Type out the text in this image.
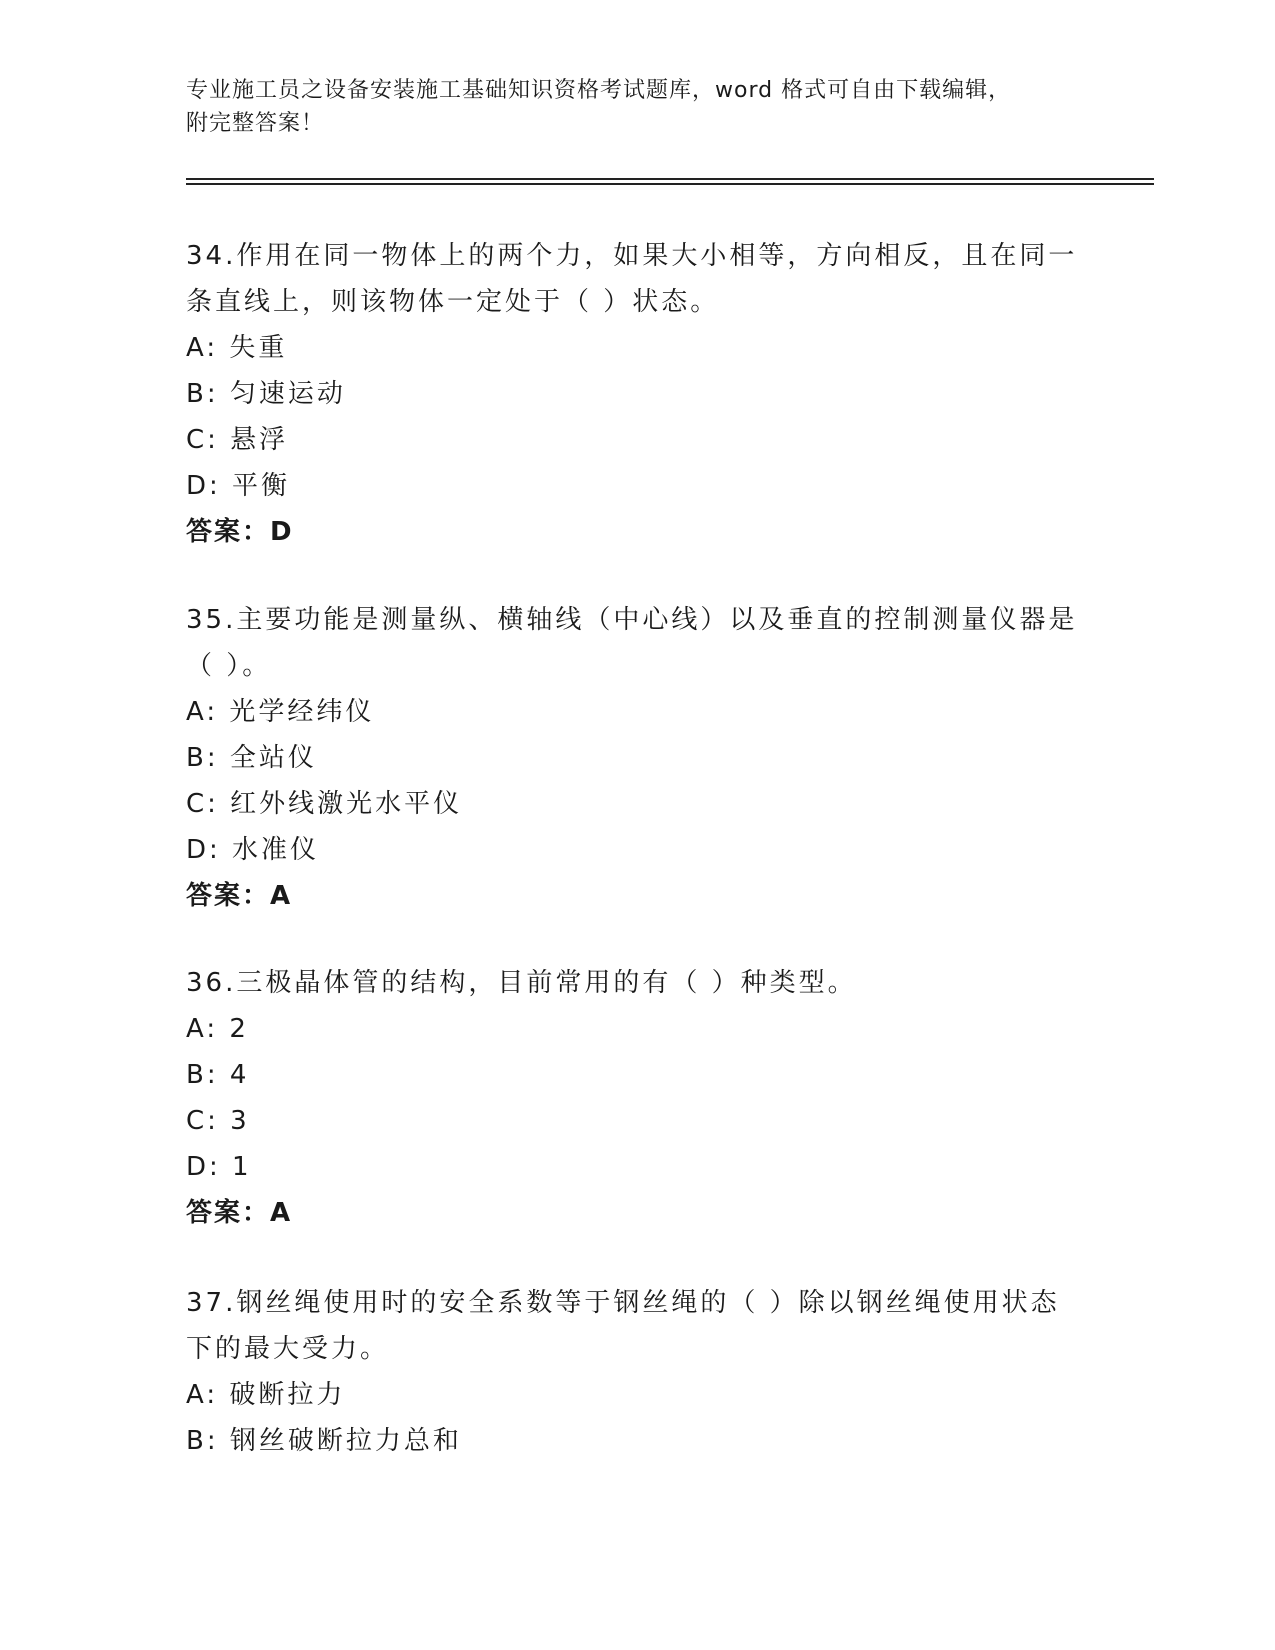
专业施工员之设备安装施工基础知识资格考试题库，word 格式可自由下载编辑，
附完整答案！

34.作用在同一物体上的两个力，如果大小相等，方向相反，且在同一条直线上，则该物体一定处于（ ）状态。

A: 失重

B: 匀速运动

C: 悬浮

D: 平衡

答案：D

35.主要功能是测量纵、横轴线（中心线）以及垂直的控制测量仪器是（ ）。

A: 光学经纬仪

B: 全站仪

C: 红外线激光水平仪

D: 水准仪

答案：A

36.三极晶体管的结构，目前常用的有（ ）种类型。

A: 2

B: 4

C: 3

D: 1

答案：A

37.钢丝绳使用时的安全系数等于钢丝绳的（ ）除以钢丝绳使用状态下的最大受力。

A: 破断拉力

B: 钢丝破断拉力总和
